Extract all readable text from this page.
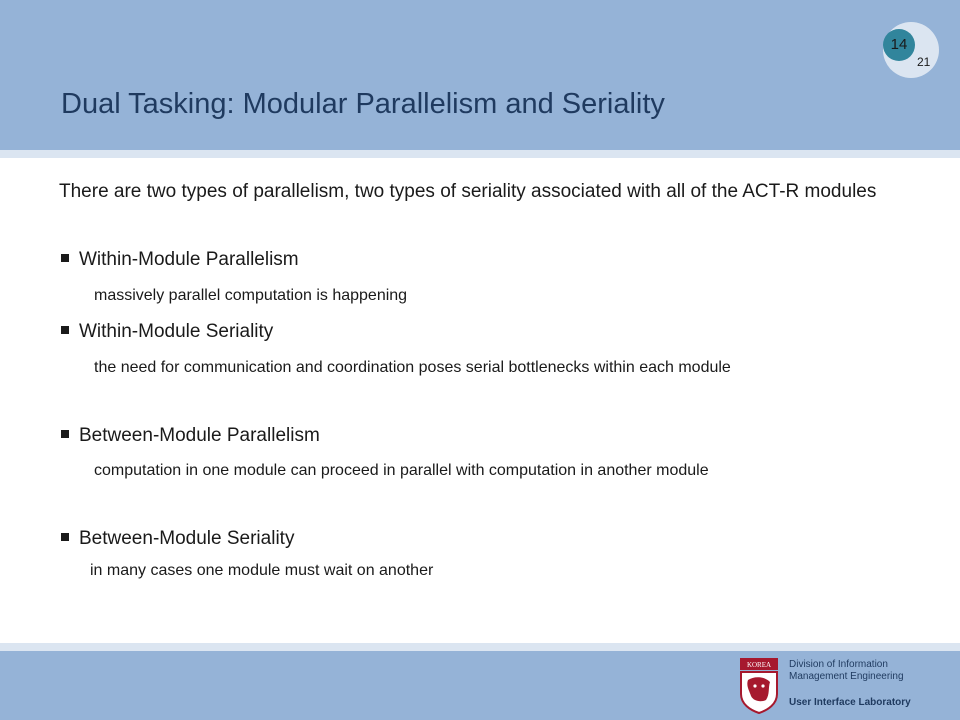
14
21
Dual Tasking: Modular Parallelism and Seriality
There are two types of parallelism, two types of seriality associated with all of the ACT-R modules
Within-Module Parallelism
massively parallel computation is happening
Within-Module Seriality
the need for communication and coordination poses serial bottlenecks within each module
Between-Module Parallelism
computation in one module can proceed in parallel with computation in another module
Between-Module Seriality
in many cases one module must wait on another
KOREA Division of Information Management Engineering
User Interface Laboratory
